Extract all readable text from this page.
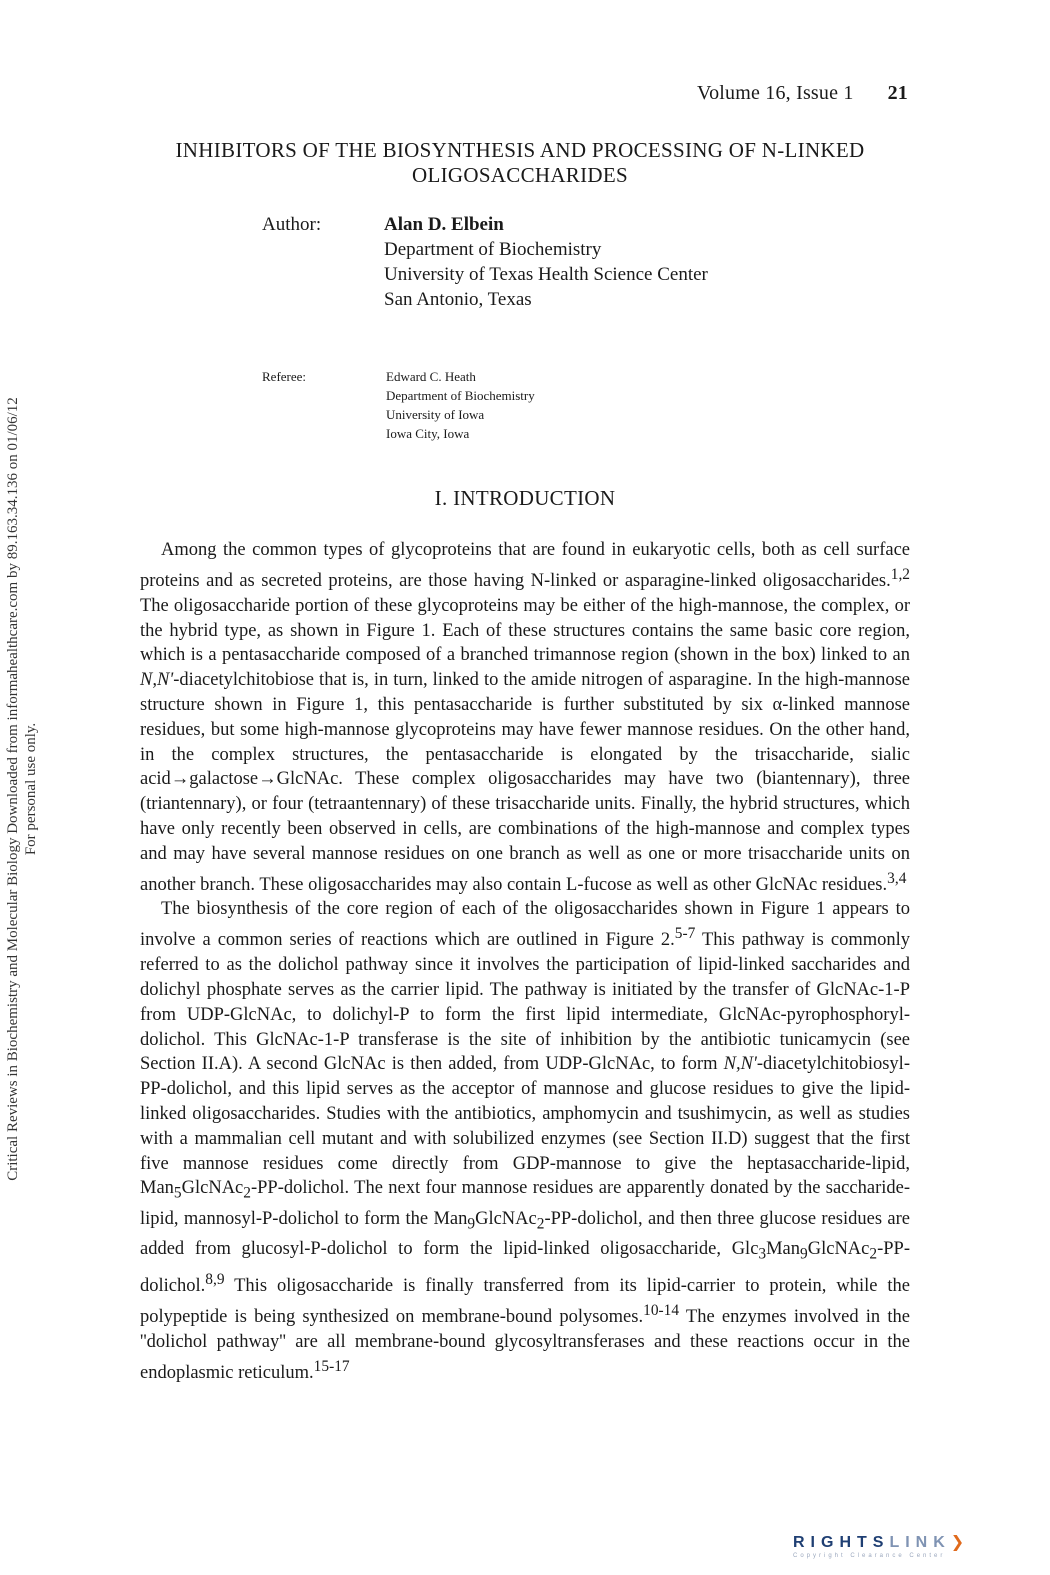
Volume 16, Issue 1 21
Critical Reviews in Biochemistry and Molecular Biology Downloaded from informahealthcare.com by 89.163.34.136 on 01/06/12 For personal use only.
INHIBITORS OF THE BIOSYNTHESIS AND PROCESSING OF N-LINKED
OLIGOSACCHARIDES
Author:	Alan D. Elbein
Department of Biochemistry
University of Texas Health Science Center
San Antonio, Texas
Referee:	Edward C. Heath
Department of Biochemistry
University of Iowa
Iowa City, Iowa
I. INTRODUCTION

Among the common types of glycoproteins that are found in eukaryotic cells, both as cell surface proteins and as secreted proteins, are those having N-linked or asparagine-linked oligosaccharides.$^{1,2}$ The oligosaccharide portion of these glycoproteins may be either of the high-mannose, the complex, or the hybrid type, as shown in Figure 1. Each of these structures contains the same basic core region, which is a pentasaccharide composed of a branched trimannose region (shown in the box) linked to an N,N'-diacetylchitobiose that is, in turn, linked to the amide nitrogen of asparagine. In the high-mannose structure shown in Figure 1, this pentasaccharide is further substituted by six α-linked mannose residues, but some high-mannose glycoproteins may have fewer mannose residues. On the other hand, in the complex structures, the pentasaccharide is elongated by the trisaccharide, sialic acid→galactose→GlcNAc. These complex oligosaccharides may have two (biantennary), three (triantennary), or four (tetraantennary) of these trisaccharide units. Finally, the hybrid structures, which have only recently been observed in cells, are combinations of the high-mannose and complex types and may have several mannose residues on one branch as well as one or more trisaccharide units on another branch. These oligosaccharides may also contain L-fucose as well as other GlcNAc residues.$^{3,4}$

The biosynthesis of the core region of each of the oligosaccharides shown in Figure 1 appears to involve a common series of reactions which are outlined in Figure 2.$^{5-7}$ This pathway is commonly referred to as the dolichol pathway since it involves the participation of lipid-linked saccharides and dolichyl phosphate serves as the carrier lipid. The pathway is initiated by the transfer of GlcNAc-1-P from UDP-GlcNAc, to dolichyl-P to form the first lipid intermediate, GlcNAc-pyrophosphoryl-dolichol. This GlcNAc-1-P transferase is the site of inhibition by the antibiotic tunicamycin (see Section II.A). A second GlcNAc is then added, from UDP-GlcNAc, to form N,N'-diacetylchitobiosyl-PP-dolichol, and this lipid serves as the acceptor of mannose and glucose residues to give the lipid-linked oligosaccharides. Studies with the antibiotics, amphomycin and tsushimycin, as well as studies with a mammalian cell mutant and with solubilized enzymes (see Section II.D) suggest that the first five mannose residues come directly from GDP-mannose to give the heptasaccharide-lipid, Man$_5$GlcNAc$_2$-PP-dolichol. The next four mannose residues are apparently donated by the saccharide-lipid, mannosyl-P-dolichol to form the Man$_9$GlcNAc$_2$-PP-dolichol, and then three glucose residues are added from glucosyl-P-dolichol to form the lipid-linked oligosaccharide, Glc$_3$Man$_9$GlcNAc$_2$-PP-dolichol.$^{8,9}$ This oligosaccharide is finally transferred from its lipid-carrier to protein, while the polypeptide is being synthesized on membrane-bound polysomes.$^{10-14}$ The enzymes involved in the ''dolichol pathway'' are all membrane-bound glycosyltransferases and these reactions occur in the endoplasmic reticulum.$^{15-17}$

RIGHTSLINK❯
Copyright Clearance Center
